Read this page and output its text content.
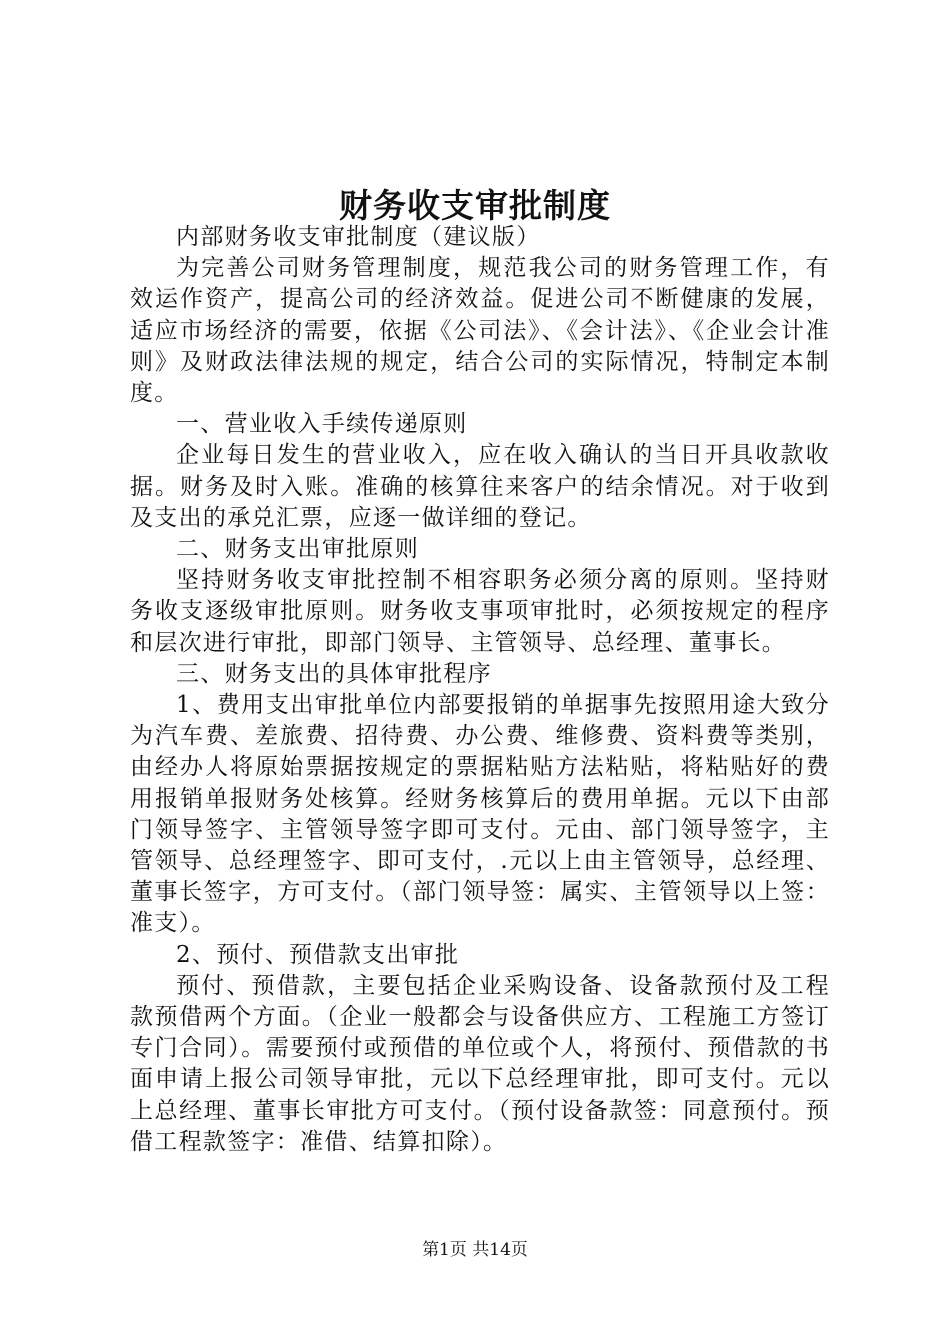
财务收支审批制度

内部财务收支审批制度（建议版）

为完善公司财务管理制度，规范我公司的财务管理工作，有效运作资产，提高公司的经济效益。促进公司不断健康的发展，适应市场经济的需要，依据《公司法》、《会计法》、《企业会计准则》及财政法律法规的规定，结合公司的实际情况，特制定本制度。

一、营业收入手续传递原则

企业每日发生的营业收入，应在收入确认的当日开具收款收据。财务及时入账。准确的核算往来客户的结余情况。对于收到及支出的承兑汇票，应逐一做详细的登记。

二、财务支出审批原则

坚持财务收支审批控制不相容职务必须分离的原则。坚持财务收支逐级审批原则。财务收支事项审批时，必须按规定的程序和层次进行审批，即部门领导、主管领导、总经理、董事长。

三、财务支出的具体审批程序

1、费用支出审批单位内部要报销的单据事先按照用途大致分为汽车费、差旅费、招待费、办公费、维修费、资料费等类别，由经办人将原始票据按规定的票据粘贴方法粘贴，将粘贴好的费用报销单报财务处核算。经财务核算后的费用单据。元以下由部门领导签字、主管领导签字即可支付。元由、部门领导签字，主管领导、总经理签字、即可支付，.元以上由主管领导，总经理、董事长签字，方可支付。（部门领导签：属实、主管领导以上签：准支）。

2、预付、预借款支出审批

预付、预借款，主要包括企业采购设备、设备款预付及工程款预借两个方面。（企业一般都会与设备供应方、工程施工方签订专门合同）。需要预付或预借的单位或个人，将预付、预借款的书面申请上报公司领导审批，元以下总经理审批，即可支付。元以上总经理、董事长审批方可支付。（预付设备款签：同意预付。预借工程款签字：准借、结算扣除）。

第1页 共14页
